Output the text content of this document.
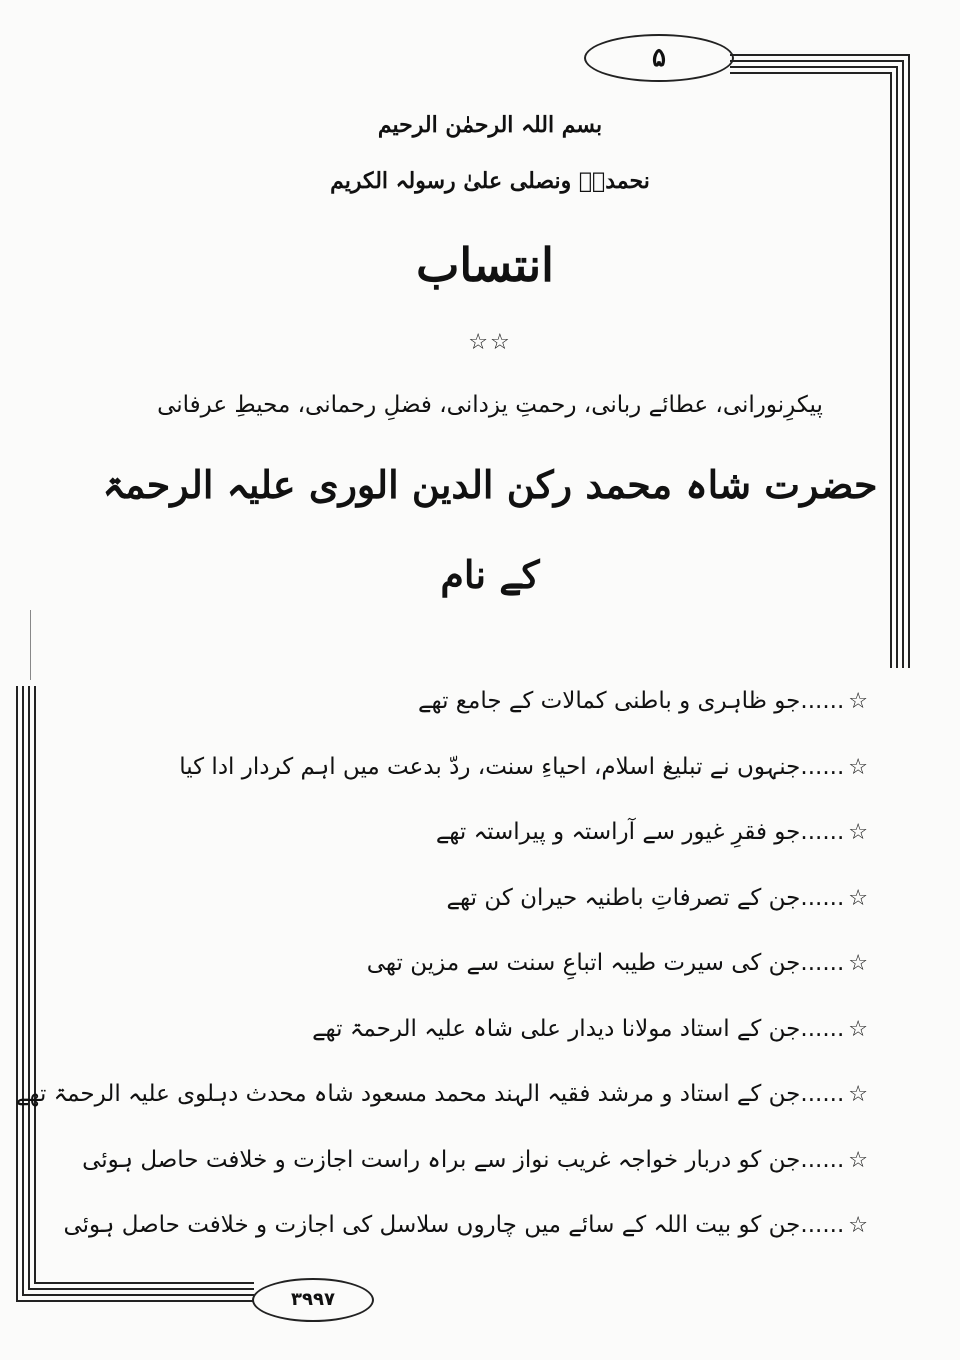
۵
بسم اللہ الرحمٰن الرحیم
نحمدہٗ ونصلی علیٰ رسولہ الکریم
انتساب
☆☆
پیکرِنورانی، عطائے ربانی، رحمتِ یزدانی، فضلِ رحمانی، محیطِ عرفانی
حضرت شاہ محمد رکن الدین الوری علیہ الرحمۃ
کے نام
☆......جو ظاہری و باطنی کمالات کے جامع تھے
☆......جنہوں نے تبلیغ اسلام، احیاءِ سنت، ردّ بدعت میں اہم کردار ادا کیا
☆......جو فقرِ غیور سے آراستہ و پیراستہ تھے
☆......جن کے تصرفاتِ باطنیہ حیران کن تھے
☆......جن کی سیرت طیبہ اتباعِ سنت سے مزین تھی
☆......جن کے استاد مولانا دیدار علی شاہ علیہ الرحمۃ تھے
☆......جن کے استاد و مرشد فقیہ الہند محمد مسعود شاہ محدث دہلوی علیہ الرحمۃ تھے
☆......جن کو دربار خواجہ غریب نواز سے براہ راست اجازت و خلافت حاصل ہوئی
☆......جن کو بیت اللہ کے سائے میں چاروں سلاسل کی اجازت و خلافت حاصل ہوئی
۳۹۹۷
